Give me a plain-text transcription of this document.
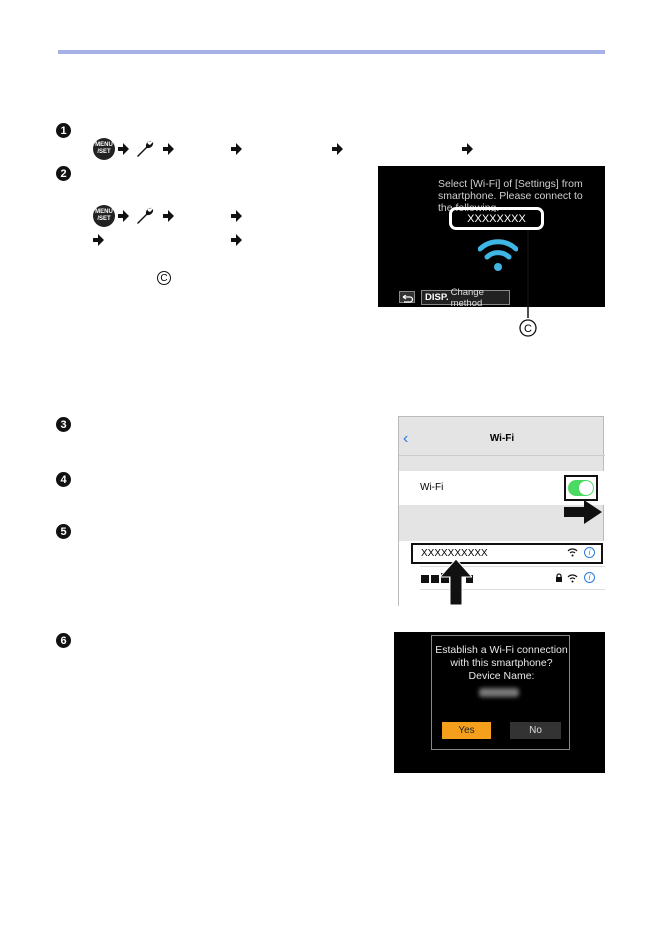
1
MENU
/SET
2
MENU
/SET
C
Select [Wi-Fi] of [Settings] from smartphone. Please connect to the following.
XXXXXXXX
DISP. Change method
C
3
4
5
‹	Wi-Fi
Wi-Fi
XXXXXXXXXX	i
i
6
Establish a Wi-Fi connection with this smartphone?
Device Name:
Yes	No
